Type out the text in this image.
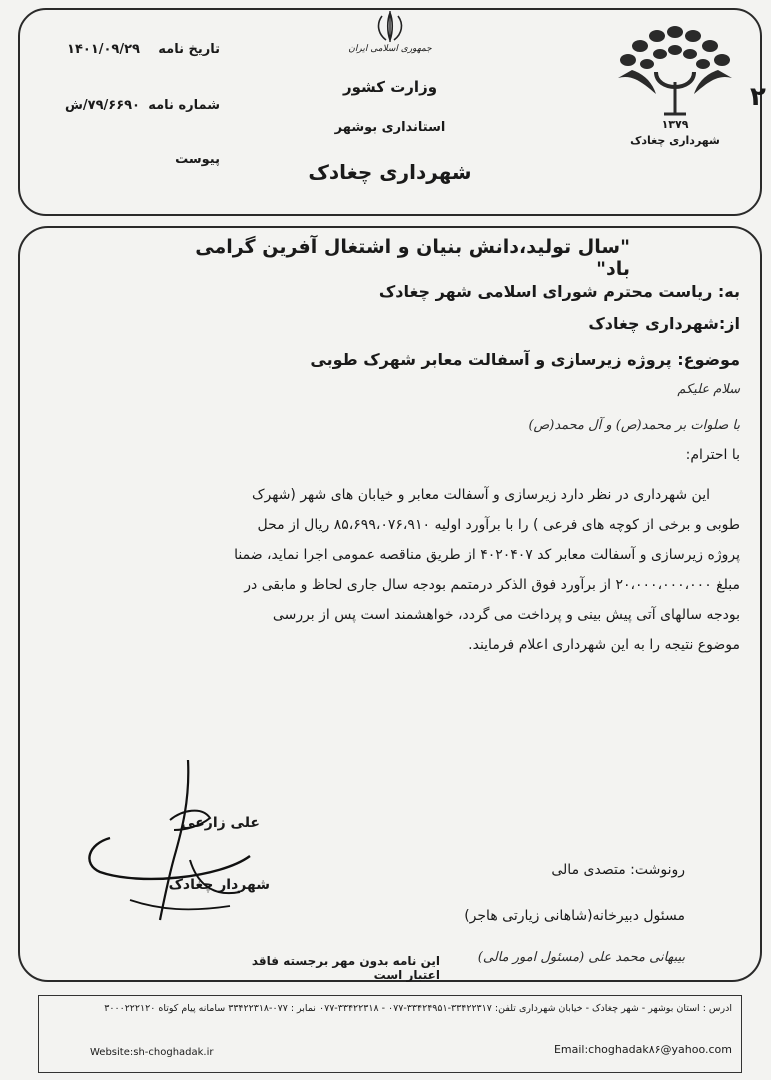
جمهوری اسلامی ایران
وزارت کشور
استانداری بوشهر
شهرداری چغادک
تاریخ نامه
۱۴۰۱/۰۹/۲۹
شماره نامه
۷۹/۶۶۹۰/ش
پیوست
۱۳۷۹
شهرداری چغادک
٢
"سال تولید،دانش بنیان و اشتغال آفرین گرامی باد"
به: ریاست محترم شورای اسلامی شهر چغادک
از:شهرداری چغادک
موضوع: پروژه زیرسازی و آسفالت معابر شهرک طوبی
سلام علیکم
با صلوات بر محمد(ص) و آل محمد(ص)
با احترام:
این شهرداری در نظر دارد زیرسازی و آسفالت معابر و خیابان های شهر (شهرک
طوبی و برخی از کوچه های فرعی ) را با برآورد اولیه ۸۵،۶۹۹،۰۷۶،۹۱۰ ریال از محل
پروژه زیرسازی و آسفالت معابر کد ۴۰۲۰۴۰۷ از طریق مناقصه عمومی اجرا نماید، ضمنا
مبلغ ۲۰،۰۰۰،۰۰۰،۰۰۰ از برآورد فوق الذکر درمتمم بودجه سال جاری لحاظ و مابقی در
بودجه سالهای آتی پیش بینی و پرداخت می گردد، خواهشمند است پس از بررسی
موضوع نتیجه را به این شهرداری اعلام فرمایند.
علی زارعی
شهردار چغادک
رونوشت: متصدی مالی
مسئول دبیرخانه(شاهانی زیارتی هاجر)
بیبهانی محمد علی (مسئول امور مالی)
این نامه بدون مهر برجسته فاقد اعتبار است
آدرس : استان بوشهر - شهر چغادک - خیابان شهرداری تلفن: ۳۳۴۲۲۳۱۷-۳۳۴۲۴۹۵۱-۰۷۷ - ۳۳۴۲۲۳۱۸-۰۷۷ نمابر : ۰۷۷-۳۳۴۲۲۳۱۸ سامانه پیام کوتاه ۳۰۰۰۲۲۲۱۲۰
Website:sh-choghadak.ir	Email:choghadak۸۶@yahoo.com
